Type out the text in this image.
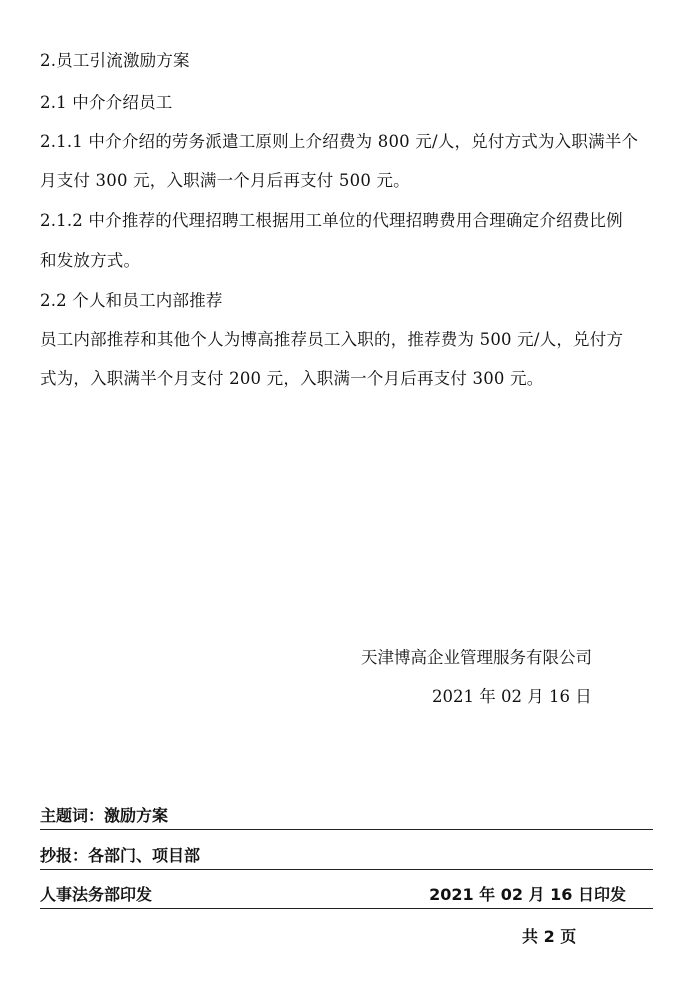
2.员工引流激励方案
2.1 中介介绍员工
2.1.1 中介介绍的劳务派遣工原则上介绍费为 800 元/人，兑付方式为入职满半个
月支付 300 元，入职满一个月后再支付 500 元。
2.1.2 中介推荐的代理招聘工根据用工单位的代理招聘费用合理确定介绍费比例
和发放方式。
2.2 个人和员工内部推荐
员工内部推荐和其他个人为博高推荐员工入职的，推荐费为 500 元/人，兑付方
式为，入职满半个月支付 200 元，入职满一个月后再支付 300 元。
天津博高企业管理服务有限公司
2021 年 02 月 16 日
主题词：激励方案
抄报：各部门、项目部
人事法务部印发	2021 年 02 月 16 日印发
共 2 页
